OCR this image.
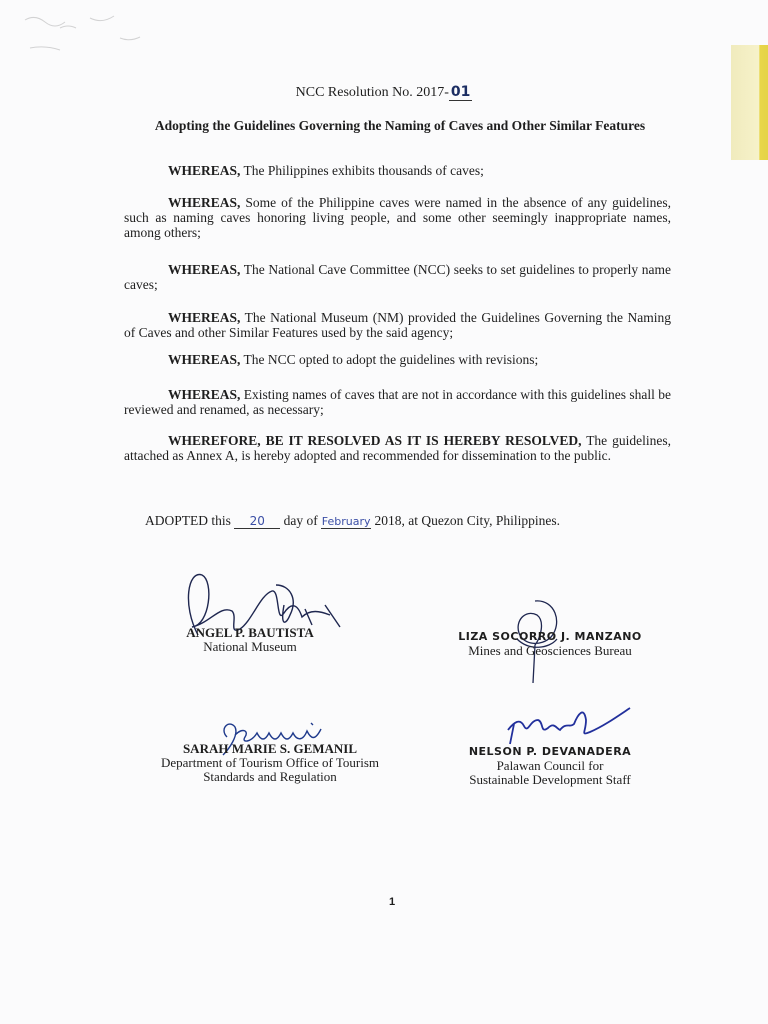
NCC Resolution No. 2017- 01
Adopting the Guidelines Governing the Naming of Caves and Other Similar Features
WHEREAS, The Philippines exhibits thousands of caves;
WHEREAS, Some of the Philippine caves were named in the absence of any guidelines, such as naming caves honoring living people, and some other seemingly inappropriate names, among others;
WHEREAS, The National Cave Committee (NCC) seeks to set guidelines to properly name caves;
WHEREAS, The National Museum (NM) provided the Guidelines Governing the Naming of Caves and other Similar Features used by the said agency;
WHEREAS, The NCC opted to adopt the guidelines with revisions;
WHEREAS, Existing names of caves that are not in accordance with this guidelines shall be reviewed and renamed, as necessary;
WHEREFORE, BE IT RESOLVED AS IT IS HEREBY RESOLVED, The guidelines, attached as Annex A, is hereby adopted and recommended for dissemination to the public.
ADOPTED this 20 day of February 2018, at Quezon City, Philippines.
ANGEL P. BAUTISTA
National Museum
LIZA SOCORRO J. MANZANO
Mines and Geosciences Bureau
SARAH MARIE S. GEMANIL
Department of Tourism Office of Tourism
Standards and Regulation
NELSON P. DEVANADERA
Palawan Council for
Sustainable Development Staff
1
